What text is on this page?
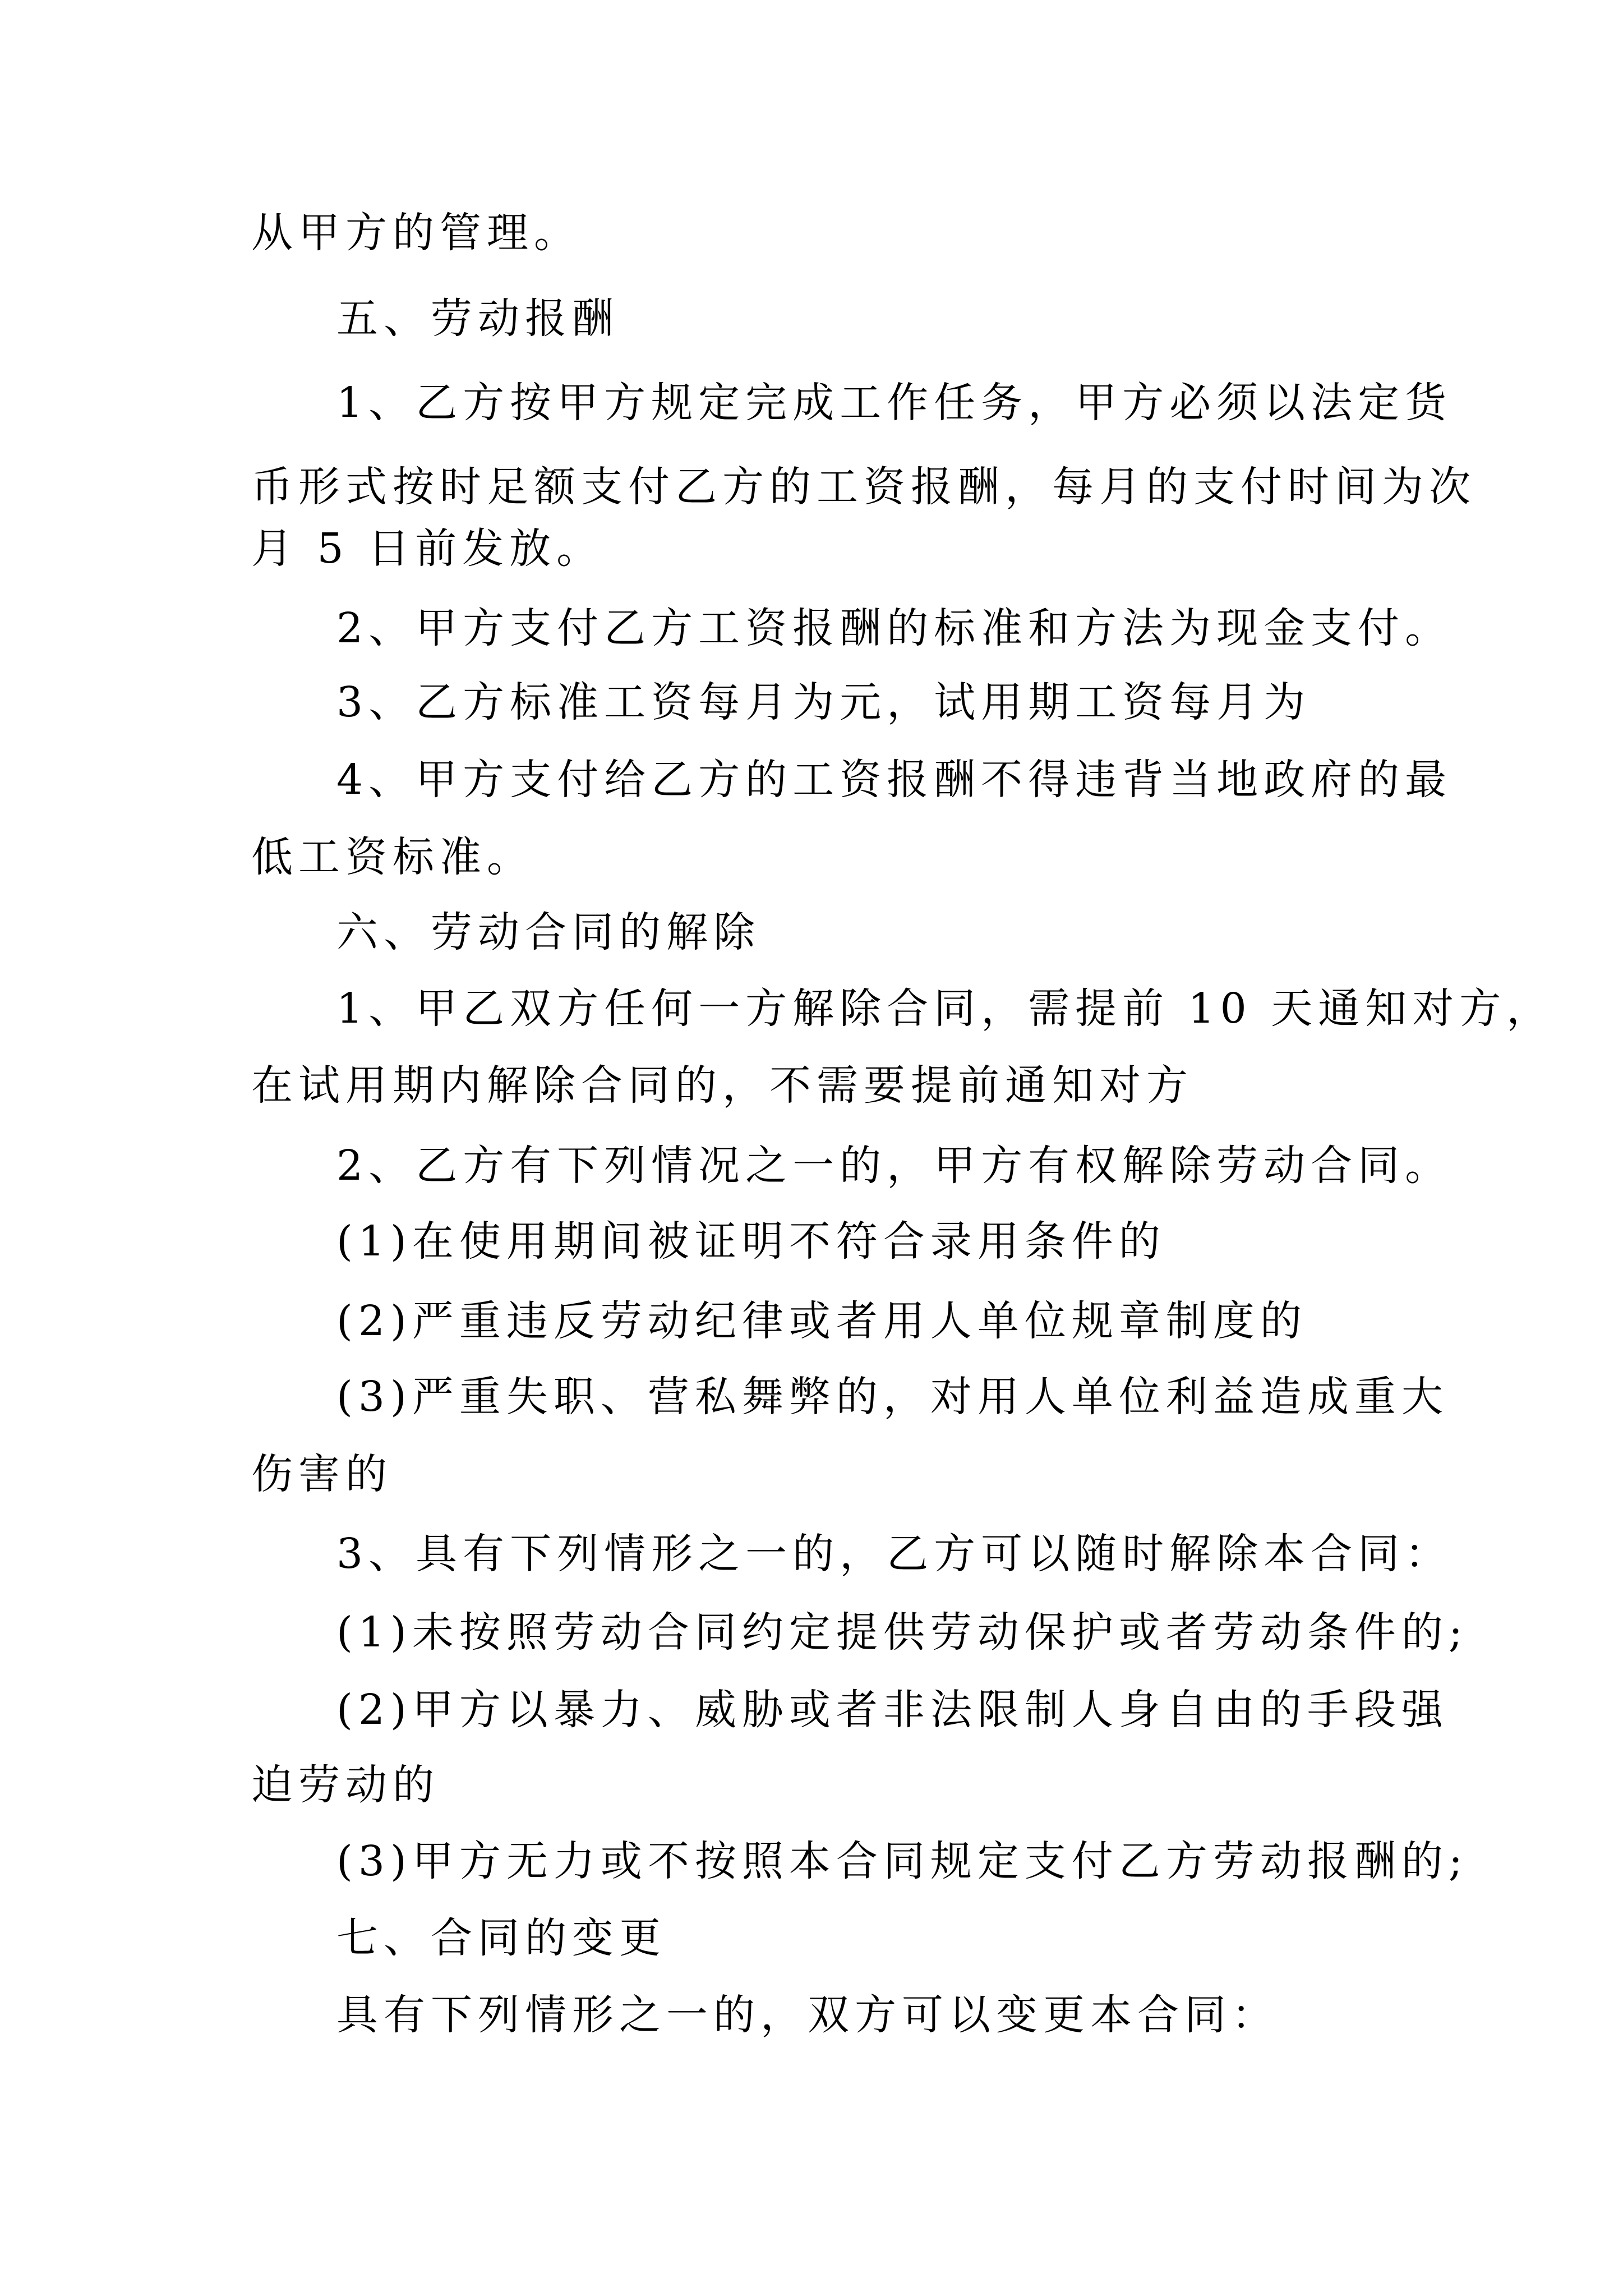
从甲方的管理。
五、劳动报酬
1、乙方按甲方规定完成工作任务，甲方必须以法定货
币形式按时足额支付乙方的工资报酬，每月的支付时间为次
月 5 日前发放。
2、甲方支付乙方工资报酬的标准和方法为现金支付。
3、乙方标准工资每月为元，试用期工资每月为
4、甲方支付给乙方的工资报酬不得违背当地政府的最
低工资标准。
六、劳动合同的解除
1、甲乙双方任何一方解除合同，需提前 10 天通知对方，
在试用期内解除合同的，不需要提前通知对方
2、乙方有下列情况之一的，甲方有权解除劳动合同。
(1)在使用期间被证明不符合录用条件的
(2)严重违反劳动纪律或者用人单位规章制度的
(3)严重失职、营私舞弊的，对用人单位利益造成重大
伤害的
3、具有下列情形之一的，乙方可以随时解除本合同：
(1)未按照劳动合同约定提供劳动保护或者劳动条件的;
(2)甲方以暴力、威胁或者非法限制人身自由的手段强
迫劳动的
(3)甲方无力或不按照本合同规定支付乙方劳动报酬的;
七、合同的变更
具有下列情形之一的，双方可以变更本合同：
